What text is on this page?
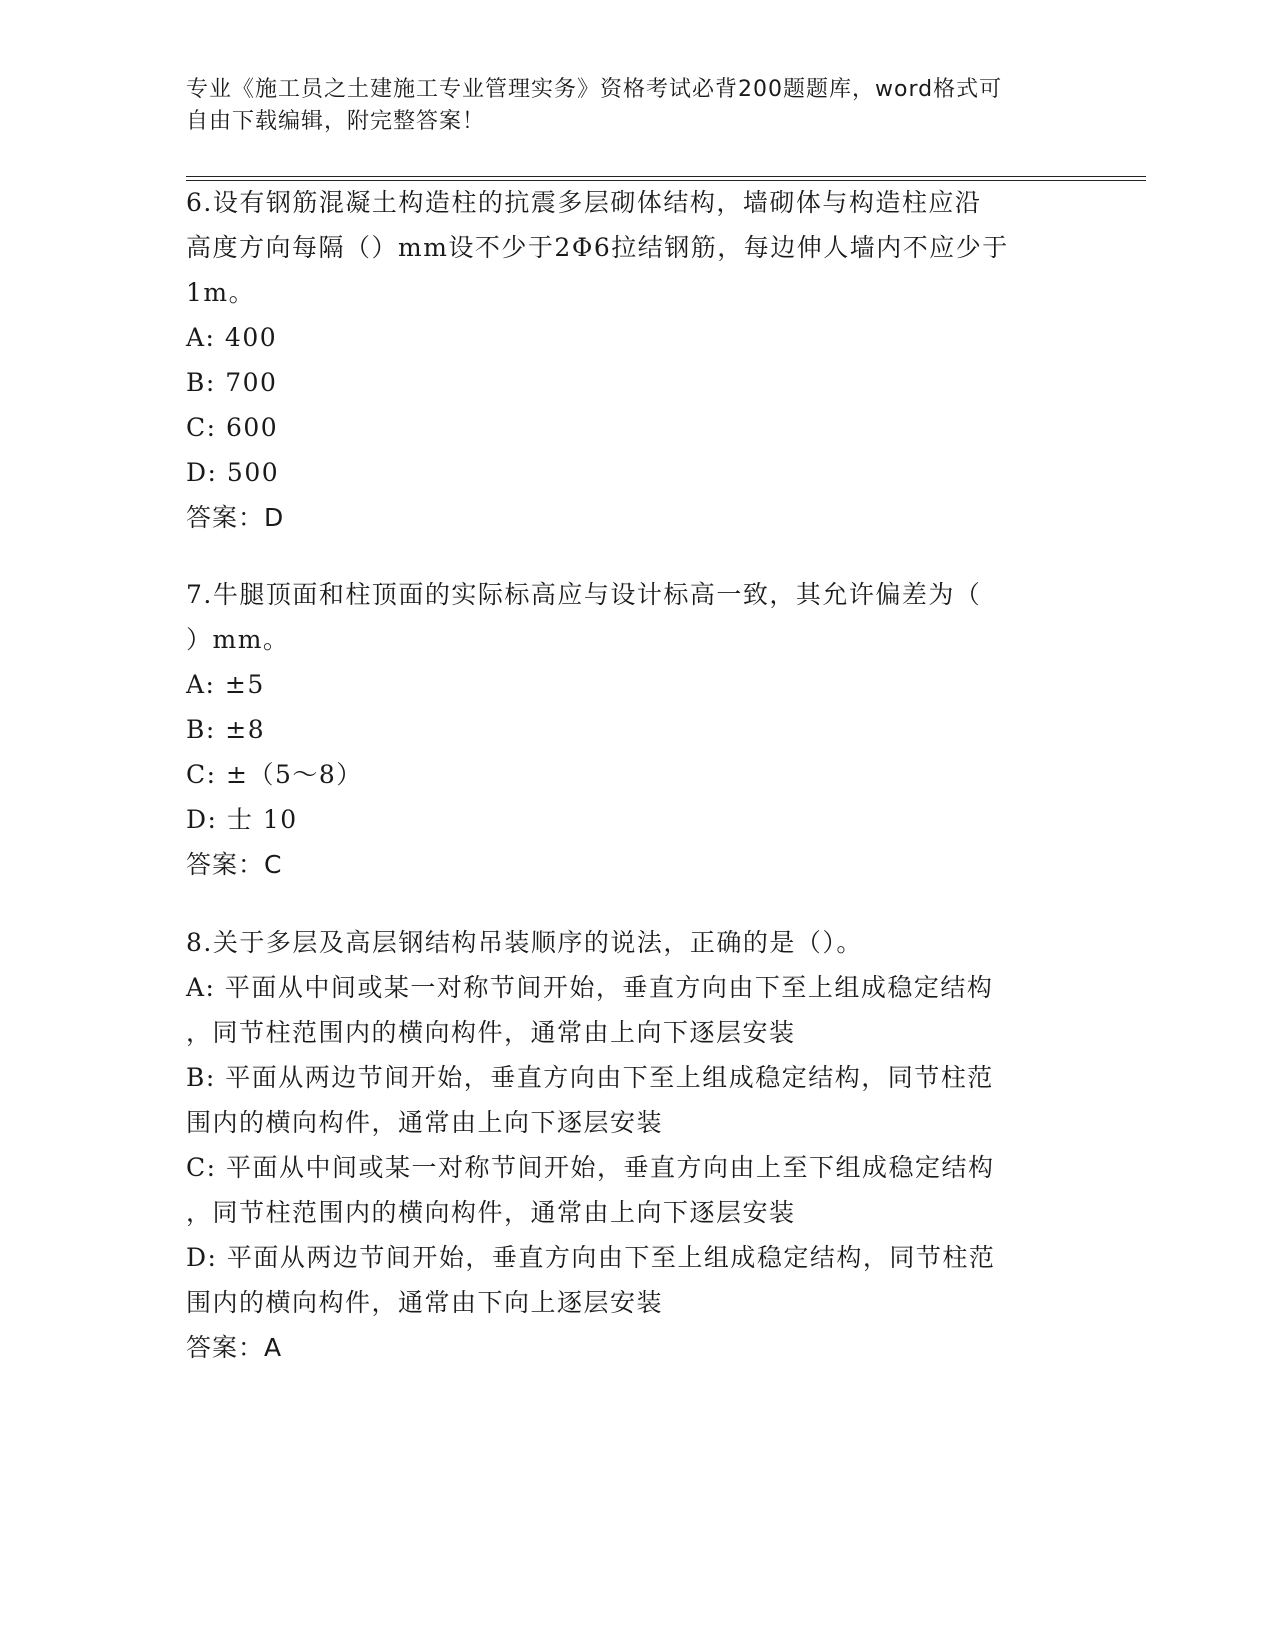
专业《施工员之土建施工专业管理实务》资格考试必背200题题库，word格式可
自由下载编辑，附完整答案！
6.设有钢筋混凝土构造柱的抗震多层砌体结构，墙砌体与构造柱应沿
高度方向每隔（）mm设不少于2Φ6拉结钢筋，每边伸人墙内不应少于
1m。
A: 400
B: 700
C: 600
D: 500
答案：D
7.牛腿顶面和柱顶面的实际标高应与设计标高一致，其允许偏差为（
）mm。
A: ±5
B: ±8
C: ±（5～8）
D: 士 10
答案：C
8.关于多层及高层钢结构吊装顺序的说法，正确的是（）。
A: 平面从中间或某一对称节间开始，垂直方向由下至上组成稳定结构
，同节柱范围内的横向构件，通常由上向下逐层安装
B: 平面从两边节间开始，垂直方向由下至上组成稳定结构，同节柱范
围内的横向构件，通常由上向下逐层安装
C: 平面从中间或某一对称节间开始，垂直方向由上至下组成稳定结构
，同节柱范围内的横向构件，通常由上向下逐层安装
D: 平面从两边节间开始，垂直方向由下至上组成稳定结构，同节柱范
围内的横向构件，通常由下向上逐层安装
答案：A
